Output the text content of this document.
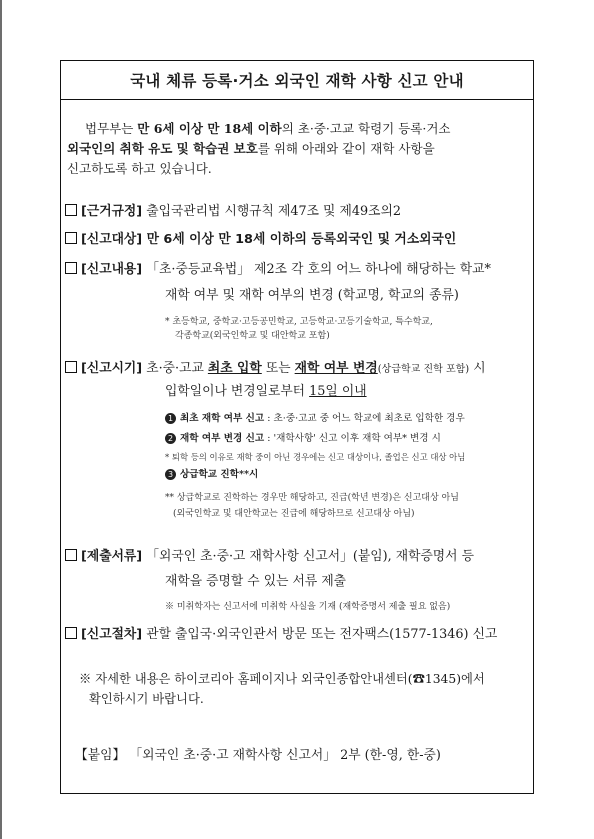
국내 체류 등록·거소 외국인 재학 사항 신고 안내
법무부는 만 6세 이상 만 18세 이하의 초·중·고교 학령기 등록·거소
외국인의 취학 유도 및 학습권 보호를 위해 아래와 같이 재학 사항을
신고하도록 하고 있습니다.
[근거규정] 출입국관리법 시행규칙 제47조 및 제49조의2
[신고대상] 만 6세 이상 만 18세 이하의 등록외국인 및 거소외국인
[신고내용] 「초·중등교육법」 제2조 각 호의 어느 하나에 해당하는 학교*
재학 여부 및 재학 여부의 변경 (학교명, 학교의 종류)
* 초등학교, 중학교·고등공민학교, 고등학교·고등기술학교, 특수학교,
각종학교(외국인학교 및 대안학교 포함)
[신고시기] 초·중·고교 최초 입학 또는 재학 여부 변경(상급학교 진학 포함) 시
입학일이나 변경일로부터 15일 이내
1 최초 재학 여부 신고 : 초·중·고교 중 어느 학교에 최초로 입학한 경우
2 재학 여부 변경 신고 : '재학사항' 신고 이후 재학 여부* 변경 시
* 퇴학 등의 이유로 재학 중이 아닌 경우에는 신고 대상이나, 졸업은 신고 대상 아님
3 상급학교 진학**시
** 상급학교로 진학하는 경우만 해당하고, 진급(학년 변경)은 신고대상 아님
(외국인학교 및 대안학교는 진급에 해당하므로 신고대상 아님)
[제출서류] 「외국인 초·중·고 재학사항 신고서」(붙임), 재학증명서 등
재학을 증명할 수 있는 서류 제출
※ 미취학자는 신고서에 미취학 사실을 기재 (재학증명서 제출 필요 없음)
[신고절차] 관할 출입국·외국인관서 방문 또는 전자팩스(1577-1346) 신고
※ 자세한 내용은 하이코리아 홈페이지나 외국인종합안내센터(☎1345)에서
확인하시기 바랍니다.
【붙임】 「외국인 초·중·고 재학사항 신고서」 2부 (한-영, 한-중)
